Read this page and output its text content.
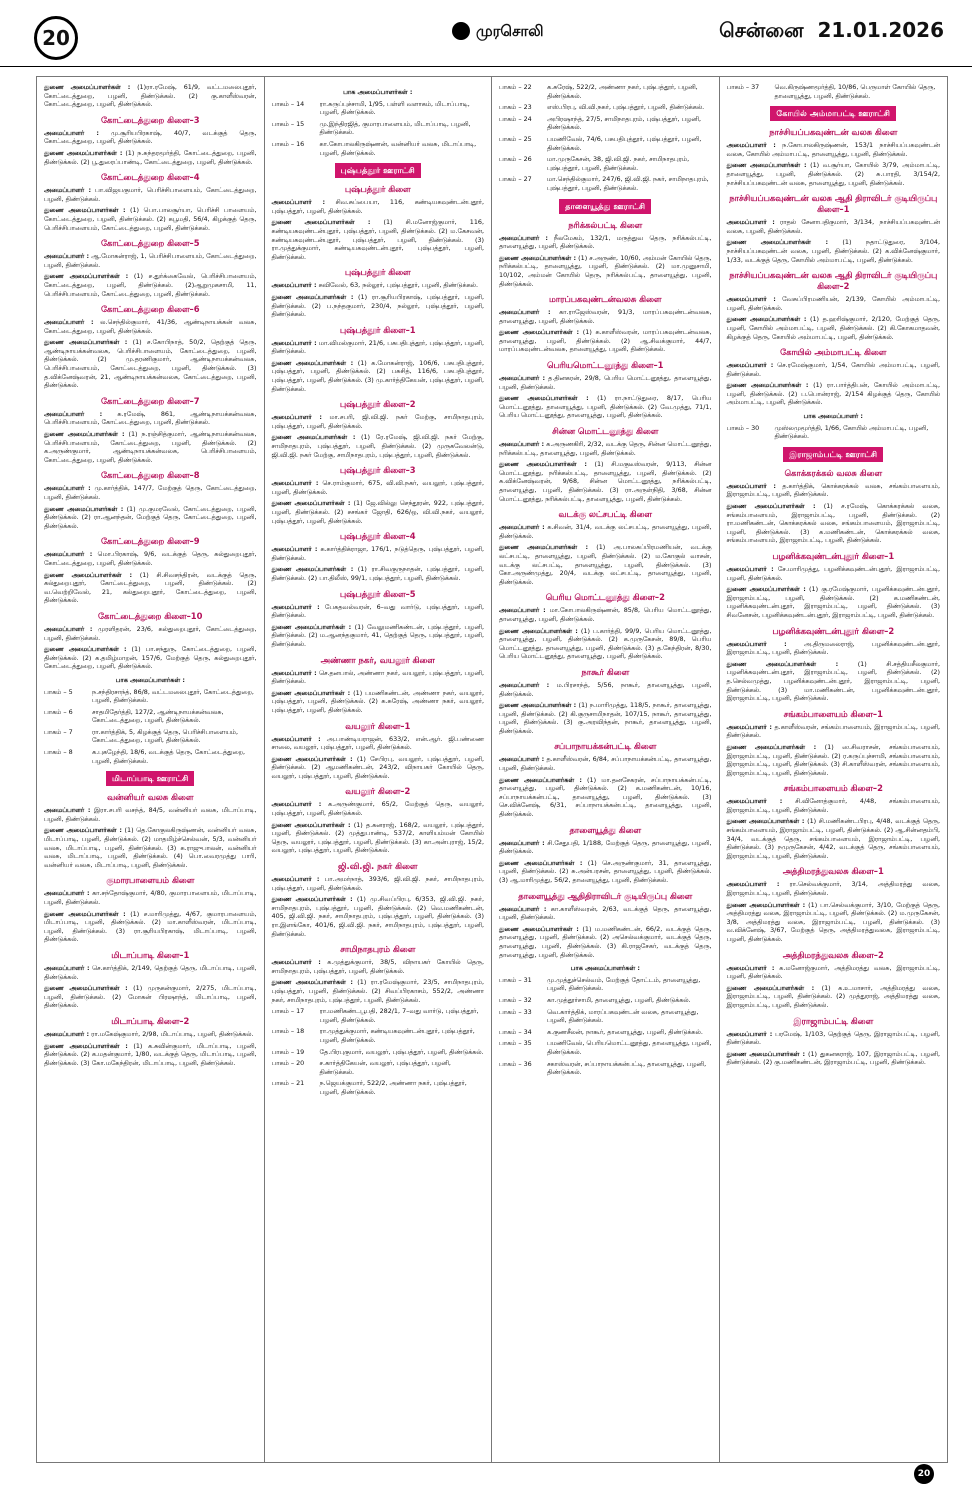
20	முரசொலி	சென்னை 21.01.2026

துணை அமைப்பாளர்கள் : (1)ரா.ரமேஷ், 61/9, வட்டமலைபுதூர், கோட்டைத்துறை, பழனி, திண்டுக்கல். (2) கு.காளீஸ்வரன், கோட்டைத்துறை, பழனி, திண்டுக்கல்.

கோட்டைத்துறை கிளை–3

அமைப்பாளர் : மு.சூரியபிரகாஷ், 40/7, வடக்குத் தெரு, கோட்டைத்துறை, பழனி, திண்டுக்கல்.

துணை அமைப்பாளர்கள் : (1) ந.சுந்தரமூர்த்தி, கோட்டைத்துறை, பழனி, திண்டுக்கல். (2) பூ.துரைப்பாண்டி, கோட்டைத்துறை, பழனி, திண்டுக்கல்.

கோட்டைத்துறை கிளை–4

அமைப்பாளர் : பா.விஜயகுமார், பெரிச்சிபாளையம், கோட்டைத்துறை, பழனி, திண்டுக்கல்.

துணை அமைப்பாளர்கள் : (1) பொ.பாலசூர்யா, பெரிச்சி பாளையம், கோட்டைத்துறை, பழனி, திண்டுக்கல். (2) கபூமதி, 56/4, கிழக்குத் தெரு, பெரிச்சிபாளையம், கோட்டைத்துறை, பழனி, திண்டுக்கல்.

கோட்டைத்துறை கிளை–5

அமைப்பாளர் : ஆ.மோகன்ராஜ், 1, பெரிச்சிபாளையம், கோட்டைத்துறை, பழனி, திண்டுக்கல்.

துணை அமைப்பாளர்கள் : (1) ச.துர்க்கைவேல், பெரிச்சிபாளையம், கோட்டைத்துறை, பழனி, திண்டுக்கல். (2)ஆறுமுகசாமி, 11, பெரிச்சிபாளையம், கோட்டைத்துறை, பழனி, திண்டுக்கல்.

கோட்டைத்துறை கிளை–6

அமைப்பாளர் : ல.செந்தில்குமார், 41/36, ஆண்டிநாயக்கன் வலசு, கோட்டைத்துறை, பழனி, திண்டுக்கல்.

துணை அமைப்பாளர்கள் : (1) ச.கோபிநாத், 50/2, தெற்குத் தெரு, ஆண்டிநாயக்கன்வலசு, பெரிச்சிபாளையம், கோட்டைத்துறை, பழனி, திண்டுக்கல். (2) மு.தரணிகுமார், ஆண்டிநாயக்கன்வலசு, பெரிச்சிபாளையம், கோட்டைத்துறை, பழனி, திண்டுக்கல். (3) த.விக்னேஷ்வரன், 21, ஆண்டிநாயக்கன்வலசு, கோட்டைத்துறை, பழனி, திண்டுக்கல்.

கோட்டைத்துறை கிளை–7

அமைப்பாளர் : க.ரமேஷ், 861, ஆண்டிநாயக்கன்வலசு, பெரிச்சிபாளையம், கோட்டைத்துறை, பழனி, திண்டுக்கல்.

துணை அமைப்பாளர்கள் : (1) ந.ரஞ்சித்குமார், ஆண்டிநாயக்கன்வலசு, பெரிச்சிபாளையம், கோட்டைத்துறை, பழனி, திண்டுக்கல். (2) க.அருண்குமார், ஆண்டிநாயக்கன்வலசு, பெரிச்சிபாளையம், கோட்டைத்துறை, பழனி, திண்டுக்கல்.

கோட்டைத்துறை கிளை–8

அமைப்பாளர் : மு.கார்த்திக், 147/7, மேற்குத் தெரு, கோட்டைத்துறை, பழனி, திண்டுக்கல்.

துணை அமைப்பாளர்கள் : (1) மு.குமரவேல், கோட்டைத்துறை, பழனி, திண்டுக்கல். (2) ரா.ஆனந்தன், மேற்குத் தெரு, கோட்டைத்துறை, பழனி, திண்டுக்கல்.

கோட்டைத்துறை கிளை–9

அமைப்பாளர் : மொ.பிரகாஷ், 9/6, வடக்குத் தெரு, கல்துறைபுதூர், கோட்டைத்துறை, பழனி, திண்டுக்கல்.

துணை அமைப்பாளர்கள் : (1) சி.சிவசந்திரன், வடக்குத் தெரு, கல்துறைபுதூர், கோட்டைத்துறை, பழனி, திண்டுக்கல். (2) வ.வெற்றிவேல், 21, கல்துறைபுதூர், கோட்டைத்துறை, பழனி, திண்டுக்கல்.

கோட்டைத்துறை கிளை–10

அமைப்பாளர் : முரளிதரன், 23/6, கல்துறைபுதூர், கோட்டைத்துறை, பழனி, திண்டுக்கல்.

துணை அமைப்பாளர்கள் : (1) பா.சந்துரு, கோட்டைத்துறை, பழனி, திண்டுக்கல். (2) க.தமிழ்மாறன், 157/6, மேற்குத் தெரு, கல்துறைபுதூர், கோட்டைத்துறை, பழனி, திண்டுக்கல்.

பாக அமைப்பாளர்கள் :
பாகம் – 5	ந.சந்திரசாந்த், 86/8, வட்டமலைபுதூர், கோட்டைத்துறை, பழனி, திண்டுக்கல்.
பாகம் – 6	சாதமிதேர்த்தி, 127/2, ஆண்டிநாயக்கன்வலசு, கோட்டைத்துறை, பழனி, திண்டுக்கல்.
பாகம் – 7	ரா.கார்த்திக், 5, கிழக்குத் தெரு, பெரிச்சிபாளையம், கோட்டைத்துறை, பழனி, திண்டுக்கல்.
பாகம் – 8	க.புகழேந்தி, 18/6, வடக்குத் தெரு, கோட்டைத்துறை, பழனி, திண்டுக்கல்.
மிடாப்பாடி ஊராட்சி
வன்னியர் வலசு கிளை

அமைப்பாளர் : இரா.சபரி வசந்த், 84/5, வன்னியர் வலசு, மிடாப்பாடி, பழனி, திண்டுக்கல்.

துணை அமைப்பாளர்கள் : (1) தெ.கோகுலகிருஷ்ணன், வன்னியர் வலசு, மிடாப்பாடி, பழனி, திண்டுக்கல். (2) மாதமிழ்ச்செல்வன், 5/3, வன்னியர் வலசு, மிடாப்பாடி, பழனி, திண்டுக்கல். (3) க.ராஜுபாலன், வன்னியர் வலசு, மிடாப்பாடி, பழனி, திண்டுக்கல். (4) பொ.வைரமுத்து பாரி, வன்னியர் வலசு, மிடாப்பாடி, பழனி, திண்டுக்கல்.

குமாரபாளையம் கிளை

அமைப்பாளர் : கா.சந்தோஷ்குமார், 4/80, குமாரபாளையம், மிடாப்பாடி, பழனி, திண்டுக்கல்.

துணை அமைப்பாளர்கள் : (1) ச.மாரிமுத்து, 4/67, குமாரபாளையம், மிடாப்பாடி, பழனி, திண்டுக்கல். (2) மா.காளீஸ்வரன், மிடாப்பாடி, பழனி, திண்டுக்கல். (3) ரா.சூரியபிரகாஷ், மிடாப்பாடி, பழனி, திண்டுக்கல்.

மிடாப்பாடி கிளை–1

அமைப்பாளர் : செ.கார்த்திக், 2/149, தெற்குத் தெரு, மிடாப்பாடி, பழனி, திண்டுக்கல்.

துணை அமைப்பாளர்கள் : (1) முருகன்குமார், 2/275, மிடாப்பாடி, பழனி, திண்டுக்கல். (2) மோகன் பிரஷாந்த், மிடாப்பாடி, பழனி, திண்டுக்கல்.

மிடாப்பாடி கிளை–2

அமைப்பாளர் : ரா.மகேஷ்குமார், 2/98, மிடாப்பாடி, பழனி, திண்டுக்கல்.

துணை அமைப்பாளர்கள் : (1) க.சுவின்குமார், மிடாப்பாடி, பழனி, திண்டுக்கல். (2) க.மதன்குமார், 1/80, வடக்குத் தெரு, மிடாப்பாடி, பழனி, திண்டுக்கல். (3) கோ.மகேந்திரன், மிடாப்பாடி, பழனி, திண்டுக்கல்.

பாக அமைப்பாளர்கள் :
பாகம் – 14	ரா.சுருப்புச்சாமி, 1/95, பள்ளி வளாகம், மிடாப்பாடி, பழனி, திண்டுக்கல்.
பாகம் – 15	மு.இந்திரஜித், குமாரபாளையம், மிடாப்பாடி, பழனி, திண்டுக்கல்.
பாகம் – 16	கா.கோபாலகிருஷ்ணன், வன்னியர் வலசு, மிடாப்பாடி, பழனி, திண்டுக்கல்.
புஷ்பத்தூர் ஊராட்சி
புஷ்பத்தூர் கிளை

அமைப்பாளர் : சிவ.சுப்பையா, 116, கண்டியகவுண்டன்புதூர், புஷ்பத்தூர், பழனி, திண்டுக்கல்.

துணை அமைப்பாளர்கள் : (1) சி.மனோஜ்குமார், 116, கண்டியகவுண்டன்புதூர், புஷ்பத்தூர், பழனி, திண்டுக்கல். (2) ம.கேசவன், கண்டியகவுண்டன்புதூர், புஷ்பத்தூர், பழனி, திண்டுக்கல். (3) ரா.முத்துக்குமார், கண்டியகவுண்டன்புதூர், புஷ்பத்தூர், பழனி, திண்டுக்கல்.

புஷ்பத்தூர் கிளை

அமைப்பாளர் : சுவிவேல், 63, நல்லூர், புஷ்பத்தூர், பழனி, திண்டுக்கல்.

துணை அமைப்பாளர்கள் : (1) ரா.சூரியபிரகாஷ், புஷ்பத்தூர், பழனி, திண்டுக்கல். (2) ப.நந்தகுமார், 230/4, நல்லூர், புஷ்பத்தூர், பழனி, திண்டுக்கல்.

புஷ்பத்தூர் கிளை–1

அமைப்பாளர் : மா.விமல்குமார், 21/6, பசுபதிபுத்தூர், புஷ்பத்தூர், பழனி, திண்டுக்கல்.

துணை அமைப்பாளர்கள் : (1) க.மோகன்ராஜ், 106/6, பசுபதிபுத்தூர், புஷ்பத்தூர், பழனி, திண்டுக்கல். (2) பசுசித், 116/6, பசுபதிபுத்தூர், புஷ்பத்தூர், பழனி, திண்டுக்கல். (3) மு.கார்த்திகேயன், புஷ்பத்தூர், பழனி, திண்டுக்கல்.

புஷ்பத்தூர் கிளை–2

அமைப்பாளர் : மா.சபரி, ஜி.வி.ஜி. நகர் மேற்கு, சாமிநாதபுரம், புஷ்பத்தூர், பழனி, திண்டுக்கல்.

துணை அமைப்பாளர்கள் : (1) ரே.ரமேஷ், ஜி.வி.ஜி. நகர் மேற்கு, சாமிநாதபுரம், புஷ்பத்தூர், பழனி, திண்டுக்கல். (2) முருகவேலன்டு, ஜி.வி.ஜி. நகர் மேற்கு, சாமிநாதபுரம், புஷ்பத்தூர், பழனி, திண்டுக்கல்.

புஷ்பத்தூர் கிளை–3

அமைப்பாளர் : செ.ராம்குமார், 675, வி.வி.நகர், வயலூர், புஷ்பத்தூர், பழனி, திண்டுக்கல்.

துணை அமைப்பாளர்கள் : (1) ஜே.வில்லு செந்தூரன், 922, புஷ்பத்தூர், பழனி, திண்டுக்கல். (2) சசங்கர் ஜோதி, 626/ஒ, வி.வி.நகர், வயலூர், புஷ்பத்தூர், பழனி, திண்டுக்கல்.

புஷ்பத்தூர் கிளை–4

அமைப்பாளர் : க.கார்த்திக்ராஜா, 176/1, நடுத்தெரு, புஷ்பத்தூர், பழனி, திண்டுக்கல்.

துணை அமைப்பாளர்கள் : (1) ரா.சிவகுருநாதன், புஷ்பத்தூர், பழனி, திண்டுக்கல். (2) பா.திலீஸ், 99/1, புஷ்பத்தூர், பழனி, திண்டுக்கல்.

புஷ்பத்தூர் கிளை–5

அமைப்பாளர் : பேகதவல்வரன், 6–வது வார்டு, புஷ்பத்தூர், பழனி, திண்டுக்கல்.

துணை அமைப்பாளர்கள் : (1) வேலுமணிகண்டன், புஷ்பத்தூர், பழனி, திண்டுக்கல். (2) ம.ஆனந்தகுமார், 41, தெற்குத் தெரு, புஷ்பத்தூர், பழனி, திண்டுக்கல்.

அண்ணா நகர், வயலூர் கிளை

அமைப்பாளர் : செ.தனபால், அண்ணா நகர், வயலூர், புஷ்பத்தூர், பழனி, திண்டுக்கல்.

துணை அமைப்பாளர்கள் : (1) பமணிகண்டன், அண்ணா நகர், வயலூர், புஷ்பத்தூர், பழனி, திண்டுக்கல். (2) க.சுரேஷ், அண்ணா நகர், வயலூர், புஷ்பத்தூர், பழனி, திண்டுக்கல்.

வயலூர் கிளை–1

அமைப்பாளர் : அ.பாண்டியராஜன், 633/2, என்.ஆர். ஜி.பண்ணை சாலை, வயலூர், புஷ்பத்தூர், பழனி, திண்டுக்கல்.

துணை அமைப்பாளர்கள் : (1) சேபிரபு, வயலூர், புஷ்பத்தூர், பழனி, திண்டுக்கல். (2) ஆமணிகண்டன், 243/2, விநாயகர் கோயில் தெரு, வயலூர், புஷ்பத்தூர், பழனி, திண்டுக்கல்.

வயலூர் கிளை–2

அமைப்பாளர் : க.அருண்குமார், 65/2, மேற்குத் தெரு, வயலூர், புஷ்பத்தூர், பழனி, திண்டுக்கல்.

துணை அமைப்பாளர்கள் : (1) த.கனராஜ், 168/2, வயலூர், புஷ்பத்தூர், பழனி, திண்டுக்கல். (2) முத்துபாண்டி, 537/2, காளியம்மன் கோயில் தெரு, வயலூர், புஷ்பத்தூர், பழனி, திண்டுக்கல். (3) கா.அன்புராஜ், 15/2, வயலூர், புஷ்பத்தூர், பழனி, திண்டுக்கல்.

ஜி.வி.ஜி. நகர் கிளை

அமைப்பாளர் : பா.அமர்நாத், 393/6, ஜி.வி.ஜி. நகர், சாமிநாதபுரம், புஷ்பத்தூர், பழனி, திண்டுக்கல்.

துணை அமைப்பாளர்கள் : (1) மு.சிவப்பிரபு, 6/353, ஜி.வி.ஜி. நகர், சாமிநாதபுரம், புஷ்பத்தூர், பழனி, திண்டுக்கல். (2) வெ.மணிகண்டன், 405, ஜி.வி.ஜி. நகர், சாமிநாதபுரம், புஷ்பத்தூர், பழனி, திண்டுக்கல். (3) ரா.இளங்கோ, 401/6, ஜி.வி.ஜி. நகர், சாமிநாதபுரம், புஷ்பத்தூர், பழனி, திண்டுக்கல்.

சாமிநாதபுரம் கிளை

அமைப்பாளர் : க.முத்துக்குமார், 38/5, விநாயகர் கோயில் தெரு, சாமிநாதபுரம், புஷ்பத்தூர், பழனி, திண்டுக்கல்.

துணை அமைப்பாளர்கள் : (1) ரா.ரமேஷ்குமார், 23/5, சாமிநாதபுரம், புஷ்பத்தூர், பழனி, திண்டுக்கல். (2) சிவப்பிரகாசம், 552/2, அண்ணா நகர், சாமிநாதபுரம், புஷ்பத்தூர், பழனி, திண்டுக்கல்.

பாகம் – 17	ரா.மணிகண்டபூபதி, 282/1, 7–வது வார்டு, புஷ்பத்தூர், பழனி, திண்டுக்கல்.
பாகம் – 18	ரா.முத்துக்குமார், கண்டியகவுண்டன்புதூர், புஷ்பத்தூர், பழனி, திண்டுக்கல்.
பாகம் – 19	தே.பிரபுகுமார், வயலூர், புஷ்பத்தூர், பழனி, திண்டுக்கல்.
பாகம் – 20	ச.கார்த்திகேயன், வயலூர், புஷ்பத்தூர், பழனி, திண்டுக்கல்.
பாகம் – 21	ந.ஜெயக்குமார், 522/2, அண்ணா நகர், புஷ்பத்தூர், பழனி, திண்டுக்கல்.
பாகம் – 22	க.சுரேஷ், 522/2, அண்ணா நகர், புஷ்பத்தூர், பழனி, திண்டுக்கல்.
பாகம் – 23	எஸ்.பிரபு, வி.வி.நகர், புஷ்பத்தூர், பழனி, திண்டுக்கல்.
பாகம் – 24	அபிரஷாந்த், 27/5, சாமிநாதபுரம், புஷ்பத்தூர், பழனி, திண்டுக்கல்.
பாகம் – 25	பமணிவேல், 74/6, பசுபதிபுத்தூர், புஷ்பத்தூர், பழனி, திண்டுக்கல்.
பாகம் – 26	மா.முருகேசன், 38, ஜி.வி.ஜி. நகர், சாமிநாதபுரம், புஷ்பத்தூர், பழனி, திண்டுக்கல்.
பாகம் – 27	மா.செந்தில்குமார், 247/6, ஜி.வி.ஜி. நகர், சாமிநாதபுரம், புஷ்பத்தூர், பழனி, திண்டுக்கல்.
தாளையூத்து ஊராட்சி
நரிக்கல்பட்டி கிளை

அமைப்பாளர் : நீலமேகம், 132/1, மருத்துவ தெரு, நரிக்கல்பட்டி, தாளையூத்து, பழனி, திண்டுக்கல்.

துணை அமைப்பாளர்கள் : (1) ச.அருண், 10/60, அம்மன் கோயில் தெரு, நரிக்கல்பட்டி, தாளையூத்து, பழனி, திண்டுக்கல். (2) மா.முனுசாமி, 10/102, அம்மன் கோயில் தெரு, நரிக்கல்பட்டி, தாளையூத்து, பழனி, திண்டுக்கல்.

மாரப்பகவுண்டன்வலசு கிளை

அமைப்பாளர் : கா.ராஜேஸ்வரன், 91/3, மாரப்பகவுண்டன்வலசு, தாளையூத்து, பழனி, திண்டுக்கல்.

துணை அமைப்பாளர்கள் : (1) க.காளீஸ்வரன், மாரப்பகவுண்டன்வலசு, தாளையூத்து, பழனி, திண்டுக்கல். (2) ஆ.சிவக்குமார், 44/7, மாரப்பகவுண்டன்வலசு, தாளையூத்து, பழனி, திண்டுக்கல்.

பெரியமொட்டனூத்து கிளை–1

அமைப்பாளர் : த.தினகரன், 29/8, பெரிய மொட்டனூத்து, தாளையூத்து, பழனி, திண்டுக்கல்.

துணை அமைப்பாளர்கள் : (1) ரா.நாட்டுதுரை, 8/17, பெரிய மொட்டனூத்து, தாளையூத்து, பழனி, திண்டுக்கல். (2) வே.முத்து, 71/1, பெரிய மொட்டனூத்து, தாளையூத்து, பழனி, திண்டுக்கல்.

சின்ன மொட்டனூத்து கிளை

அமைப்பாளர் : க.அருணகிரி, 2/32, வடக்கு தெரு, சின்ன மொட்டனூத்து, நரிக்கல்பட்டி, தாளையூத்து, பழனி, திண்டுக்கல்.

துணை அமைப்பாளர்கள் : (1) சி.மகுடீஸ்வரன், 9/113, சின்ன மொட்டனூத்து, நரிக்கல்பட்டி, தாளையூத்து, பழனி, திண்டுக்கல். (2) சு.விக்னேஷ்வரன், 9/68, சின்ன மொட்டனூத்து, நரிக்கல்பட்டி, தாளையூத்து, பழனி, திண்டுக்கல். (3) ரா.அருள்நிதி, 3/68, சின்ன மொட்டனூத்து, நரிக்கல்பட்டி, தாளையூத்து, பழனி, திண்டுக்கல்.

வடக்கு லட்சபட்டி கிளை

அமைப்பாளர் : க.சிவன், 31/4, வடக்கு லட்சபட்டி, தாளையூத்து, பழனி, திண்டுக்கல்.

துணை அமைப்பாளர்கள் : (1) அ.பாலசுப்பிரமணியன், வடக்கு லட்சபட்டி, தாளையூத்து, பழனி, திண்டுக்கல். (2) ம.கோகுல் வாசன், வடக்கு லட்சபட்டி, தாளையூத்து, பழனி, திண்டுக்கல். (3) கோ.அருண்முத்து, 20/4, வடக்கு லட்சபட்டி, தாளையூத்து, பழனி, திண்டுக்கல்.

பெரிய மொட்டனூத்து கிளை–2

அமைப்பாளர் : மா.கோபாலகிருஷ்ணன், 85/8, பெரிய மொட்டனூத்து, தாளையூத்து, பழனி, திண்டுக்கல்.

துணை அமைப்பாளர்கள் : (1) ப.கார்த்தி, 99/9, பெரிய மொட்டனூத்து, தாளையூத்து, பழனி, திண்டுக்கல். (2) க.முருகேசன், 89/8, பெரிய மொட்டனூத்து, தாளையூத்து, பழனி, திண்டுக்கல். (3) த.கேந்திரன், 8/30, பெரிய மொட்டனூத்து, தாளையூத்து, பழனி, திண்டுக்கல்.

நாகூர் கிளை

அமைப்பாளர் : ம.பிரசாந்த், 5/56, நாகூர், தாளையூத்து, பழனி, திண்டுக்கல்.

துணை அமைப்பாளர்கள் : (1) ந.மாரிமுத்து, 118/5, நாகூர், தாளையூத்து, பழனி, திண்டுக்கல். (2) கி.குருசாமிநாதன், 107/15, நாகூர், தாளையூத்து, பழனி, திண்டுக்கல். (3) கு.அரவிந்தன், நாகூர், தாளையூத்து, பழனி, திண்டுக்கல்.

சப்பாநாயக்கன்பட்டி கிளை

அமைப்பாளர் : த.காளீஸ்வரன், 6/84, சப்பாநாயக்கன்பட்டி, தாளையூத்து, பழனி, திண்டுக்கல்.

துணை அமைப்பாளர்கள் : (1) மா.தனசேகரன், சப்பாநாயக்கன்பட்டி, தாளையூத்து, பழனி, திண்டுக்கல். (2) க.மணிகண்டன், 10/16, சப்பாநாயக்கன்பட்டி, தாளையூத்து, பழனி, திண்டுக்கல். (3) செ.விக்னேஷ், 6/31, சப்பாநாயக்கன்பட்டி, தாளையூத்து, பழனி, திண்டுக்கல்.

தாளையூத்து கிளை

அமைப்பாளர் : சி.சேதுபதி, 1/188, மேற்குத் தெரு, தாளையூத்து, பழனி, திண்டுக்கல்.

துணை அமைப்பாளர்கள் : (1) செ.அருண்குமார், 31, தாளையூத்து, பழனி, திண்டுக்கல். (2) சு.அன்பரசன், தாளையூத்து, பழனி, திண்டுக்கல். (3) ஆ.மாரிமுத்து, 56/2, தாளையூத்து, பழனி, திண்டுக்கல்.

தாளையூத்து ஆதிதிராவிடர் குடியிருப்பு கிளை

அமைப்பாளர் : கா.காளீஸ்வரன், 2/63, வடக்குத் தெரு, தாளையூத்து, பழனி, திண்டுக்கல்.

துணை அமைப்பாளர்கள் : (1) ம.மணிகண்டன், 66/2, வடக்குத் தெரு, தாளையூத்து, பழனி, திண்டுக்கல். (2) அசெல்வக்குமார், வடக்குத் தெரு, தாளையூத்து, பழனி, திண்டுக்கல். (3) கி.ராஜசேகர், வடக்குத் தெரு, தாளையூத்து, பழனி, திண்டுக்கல்.

பாக அமைப்பாளர்கள் :
பாகம் – 31	மு.முத்துச்செல்வம், மேற்குத் தோட்டம், தாளையூத்து, பழனி, திண்டுக்கல்.
பாகம் – 32	கா.முத்தூர்சாமி, தாளையூத்து, பழனி, திண்டுக்கல்.
பாகம் – 33	வெ.கார்த்திக், மாரப்பகவுண்டன் வலசு, தாளையூத்து, பழனி, திண்டுக்கல்.
பாகம் – 34	க.குணசீலன், நாகூர், தாளையூத்து, பழனி, திண்டுக்கல்.
பாகம் – 35	பமணிவேல், பெரியமொட்டனூத்து, தாளையூத்து, பழனி, திண்டுக்கல்.
பாகம் – 36	சகாஸ்வரன், சப்பாநாயக்கன்பட்டி, தாளையூத்து, பழனி, திண்டுக்கல்.
பாகம் – 37	வெ.கிருஷ்ணமூர்த்தி, 10/86, பெருமாள் கோயில் தெரு, தாளையூத்து, பழனி, திண்டுக்கல்.
கோயில் அம்மாபட்டி ஊராட்சி
நாச்சியப்பகவுண்டன் வலசு கிளை

அமைப்பாளர் : ந.கோபாலகிருஷ்ணன், 153/1 நாச்சியப்பகவுண்டன் வலசு, கோயில் அம்மாபட்டி, தாளையூத்து, பழனி, திண்டுக்கல்.

துணை அமைப்பாளர்கள் : (1) வ.சூர்யா, கோயில் 3/79, அம்மாபட்டி, தாளையூத்து, பழனி, திண்டுக்கல். (2) சு.பாரதி, 3/154/2, நாச்சியப்பகவுண்டன் வலசு, தாளையூத்து, பழனி, திண்டுக்கல்.

நாச்சியப்பகவுண்டன் வலசு ஆதி திராவிடர் குடியிருப்பு கிளை–1

அமைப்பாளர் : ராதல் சேனாபதிகுமார், 3/134, நாச்சியப்பகவுண்டன் வலசு, பழனி, திண்டுக்கல்.

துணை அமைப்பாளர்கள் : (1) நதாட்டுதுரை, 3/104, நாச்சியப்பகவுண்டன் வலசு, பழனி, திண்டுக்கல். (2) க.விக்னேஷ்குமார், 1/33, வடக்குத் தெரு, கோயில் அம்மாபட்டி, பழனி, திண்டுக்கல்.

நாச்சியப்பகவுண்டன் வலசு ஆதி திராவிடர் குடியிருப்பு கிளை–2

அமைப்பாளர் : வேசுப்பிரமணியன், 2/139, கோயில் அம்மாபட்டி, பழனி, திண்டுக்கல்.

துணை அமைப்பாளர்கள் : (1) த.ஹரிஷ்குமார், 2/120, மேற்குத் தெரு, பழனி, கோயில் அம்மாபட்டி, பழனி, திண்டுக்கல். (2) கி.கோகமாதவன், கிழக்குத் தெரு, கோயில் அம்மாபட்டி, பழனி, திண்டுக்கல்.

கோயில் அம்மாபட்டி கிளை

அமைப்பாளர் : செ.ரமேஷ்குமார், 1/54, கோயில் அம்மாபட்டி, பழனி, திண்டுக்கல்.

துணை அமைப்பாளர்கள் : (1) ரா.பார்த்திபன், கோயில் அம்மாபட்டி, பழனி, திண்டுக்கல். (2) ப.பொன்ராஜ், 2/154 கிழக்குத் தெரு, கோயில் அம்மாபட்டி, பழனி, திண்டுக்கல்.

பாக அமைப்பாளர் :
பாகம் – 30	முஸ்லமுமூர்த்தி, 1/66, கோயில் அம்மாபட்டி, பழனி, திண்டுக்கல்.
இராஜாம்பட்டி ஊராட்சி
கொக்கரக்கல் வலசு கிளை

அமைப்பாளர் : த.கார்த்திக், கொக்கரக்கல் வலசு, சங்கம்பாளையம், இராஜாம்பட்டி, பழனி, திண்டுக்கல்.

துணை அமைப்பாளர்கள் : (1) ச.ரமேஷ், கொக்கரக்கல் வலசு, சங்கம்பாளையம், இராஜாம்பட்டி, பழனி, திண்டுக்கல். (2) ரா.மணிகண்டன், கொக்கரக்கல் வலசு, சங்கம்பாளையம், இராஜாம்பட்டி, பழனி, திண்டுக்கல். (3) க.மணிகண்டன், கொக்கரக்கல் வலசு, சங்கம்பாளையம், இராஜாம்பட்டி, பழனி, திண்டுக்கல்.

பழனிக்கவுண்டன்புதூர் கிளை–1

அமைப்பாளர் : சே.மாரிமுத்து, பழனிக்கவுண்டன்புதூர், இராஜாம்பட்டி, பழனி, திண்டுக்கல்.

துணை அமைப்பாளர்கள் : (1) கு.ரமேஷ்குமார், பழனிக்கவுண்டன்புதூர், இராஜாம்பட்டி, பழனி, திண்டுக்கல். (2) க.மணிகண்டன், பழனிக்கவுண்டன்புதூர், இராஜாம்பட்டி, பழனி, திண்டுக்கல். (3) சிவனேசன், பழனிக்கவுண்டன்புதூர், இராஜாம்பட்டி, பழனி, திண்டுக்கல்.

பழனிக்கவுண்டன்புதூர் கிளை–2

அமைப்பாளர் :	அ.திருமலைராஜ், பழனிக்கவுண்டன்புதூர், இராஜாம்பட்டி, பழனி, திண்டுக்கல்.

துணை அமைப்பாளர்கள் :	(1) சி.சத்தியசீலகுமார், பழனிக்கவுண்டன்புதூர், இராஜாம்பட்டி, பழனி, திண்டுக்கல். (2) த.செல்வமுத்து, பழனிக்கவுண்டன்புதூர், இராஜாம்பட்டி, பழனி, திண்டுக்கல். (3) மா.மணிகண்டன், பழனிக்கவுண்டன்புதூர், இராஜாம்பட்டி, பழனி, திண்டுக்கல்.

சங்கம்பாளையம் கிளை–1

அமைப்பாளர் : த.காளீஸ்வரன், சங்கம்பாளையம், இராஜாம்பட்டி, பழனி, திண்டுக்கல்.

துணை அமைப்பாளர்கள் : (1) ஸ.சிவராசன், சங்கம்பாளையம், இராஜாம்பட்டி, பழனி, திண்டுக்கல். (2) ர.கருப்புச்சாமி, சங்கம்பாளையம், இராஜாம்பட்டி, பழனி, திண்டுக்கல். (3) சி.காளீஸ்வரன், சங்கம்பாளையம், இராஜாம்பட்டி, பழனி, திண்டுக்கல்.

சங்கம்பாளையம் கிளை–2

அமைப்பாளர் : சி.வினோத்குமார், 4/48, சங்கம்பாளையம், இராஜாம்பட்டி, பழனி, திண்டுக்கல்.

துணை அமைப்பாளர்கள் : (1) சி.மணிகண்டபிரபு, 4/48, வடக்குத் தெரு, சங்கம்பாளையம், இராஜாம்பட்டி, பழனி, திண்டுக்கல். (2) ஆ.சின்னதம்பி, 34/4, வடக்குத் தெரு, சங்கம்பாளையம், இராஜாம்பட்டி, பழனி, திண்டுக்கல். (3) நமுருகேசன், 4/42, வடக்குத் தெரு, சங்கம்பாளையம், இராஜாம்பட்டி, பழனி, திண்டுக்கல்.

அத்திமரத்துவலசு கிளை–1

அமைப்பாளர் : ரா.செல்வக்குமார், 3/14, அத்திமரத்து வலசு, இராஜாம்பட்டி, பழனி, திண்டுக்கல்.

துணை அமைப்பாளர்கள் : (1) பா.செல்வக்குமார், 3/10, மேற்குத் தெரு, அத்திமரத்து வலசு, இராஜாம்பட்டி, பழனி, திண்டுக்கல். (2) ம.முருகேசன், 3/8, அத்திமரத்து வலசு, இராஜாம்பட்டி, பழனி, திண்டுக்கல். (3) வ.விக்னேஷ், 3/67, மேற்குத் தெரு, அத்திமரத்துவலசு, இராஜாம்பட்டி, பழனி, திண்டுக்கல்.

அத்திமரத்துவலசு கிளை–2

அமைப்பாளர் : க.மனோஜ்குமார், அத்திமரத்து வலசு, இராஜாம்பட்டி, பழனி, திண்டுக்கல்.

துணை அமைப்பாளர்கள் : (1) க.உ.மாசார், அத்திமரத்து வலசு, இராஜாம்பட்டி, பழனி, திண்டுக்கல். (2) முத்துராஜ், அத்திமரத்து வலசு, இராஜாம்பட்டி, பழனி, திண்டுக்கல்.

இராஜாம்பட்டி கிளை

அமைப்பாளர் : பரமேஷ், 1/103, தெற்குத் தெரு, இராஜாம்பட்டி, பழனி, திண்டுக்கல்.

துணை அமைப்பாளர்கள் : (1) துகனகராஜ், 107, இராஜாம்பட்டி, பழனி, திண்டுக்கல். (2) கு.மணிகண்டன், இராஜாம்பட்டி, பழனி, திண்டுக்கல்.

20
